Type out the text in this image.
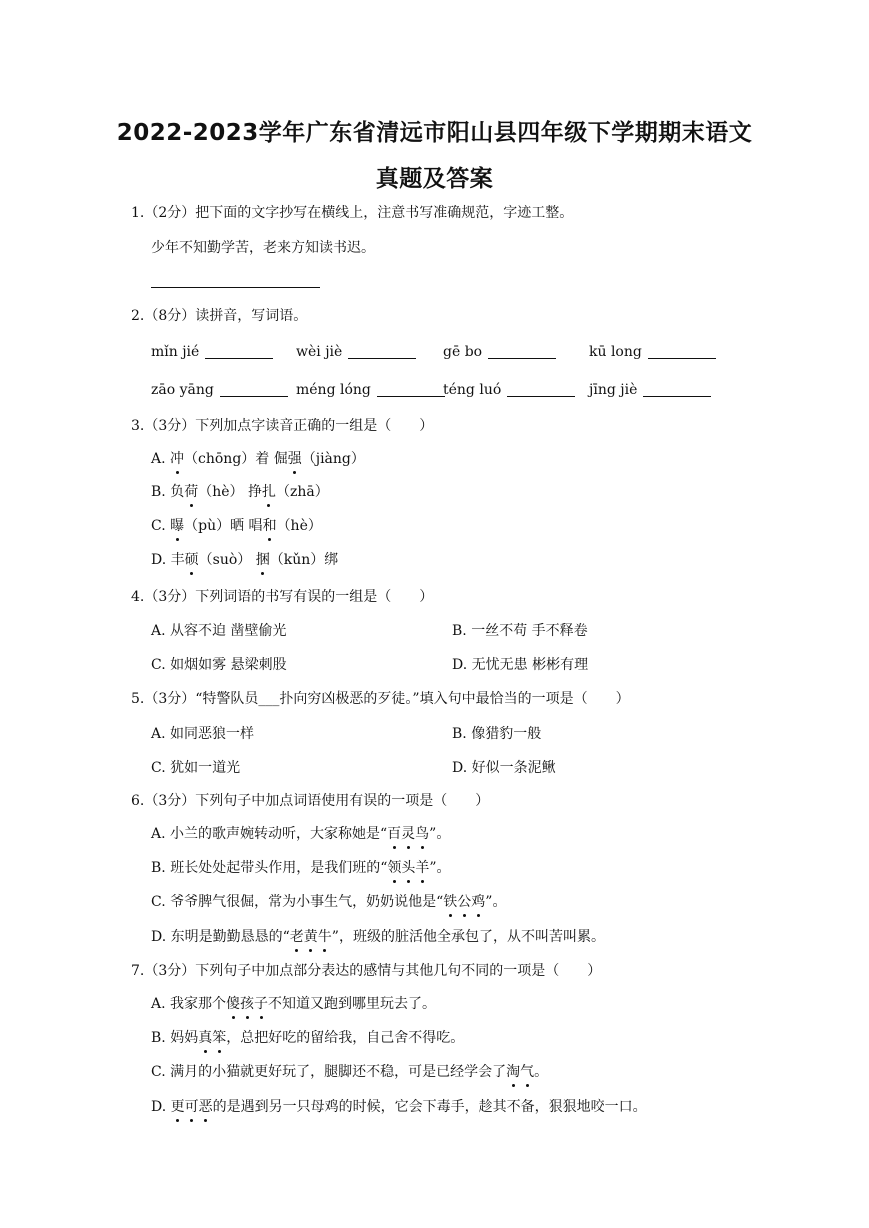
2022-2023学年广东省清远市阳山县四年级下学期期末语文
真题及答案
1.（2分）把下面的文字抄写在横线上，注意书写准确规范，字迹工整。
少年不知勤学苦，老来方知读书迟。
2.（8分）读拼音，写词语。
mǐn jié	wèi jiè	gē bo	kū long
zāo yāng	méng lóng	téng luó	jīng jiè
3.（3分）下列加点字读音正确的一组是（　　）
A. 冲（chōng）着 倔强（jiàng）
B. 负荷（hè） 挣扎（zhā）
C. 曝（pù）晒 唱和（hè）
D. 丰硕（suò） 捆（kǔn）绑
4.（3分）下列词语的书写有误的一组是（　　）
A. 从容不迫 凿壁偷光	B. 一丝不苟 手不释卷
C. 如烟如雾 悬梁刺股	D. 无忧无患 彬彬有理
5.（3分）“特警队员___扑向穷凶极恶的歹徒。”填入句中最恰当的一项是（　　）
A. 如同恶狼一样	B. 像猎豹一般
C. 犹如一道光	D. 好似一条泥鳅
6.（3分）下列句子中加点词语使用有误的一项是（　　）
A. 小兰的歌声婉转动听，大家称她是“百灵鸟”。
B. 班长处处起带头作用，是我们班的“领头羊”。
C. 爷爷脾气很倔，常为小事生气，奶奶说他是“铁公鸡”。
D. 东明是勤勤恳恳的“老黄牛”，班级的脏活他全承包了，从不叫苦叫累。
7.（3分）下列句子中加点部分表达的感情与其他几句不同的一项是（　　）
A. 我家那个傻孩子不知道又跑到哪里玩去了。
B. 妈妈真笨，总把好吃的留给我，自己舍不得吃。
C. 满月的小猫就更好玩了，腿脚还不稳，可是已经学会了淘气。
D. 更可恶的是遇到另一只母鸡的时候，它会下毒手，趁其不备，狠狠地咬一口。
